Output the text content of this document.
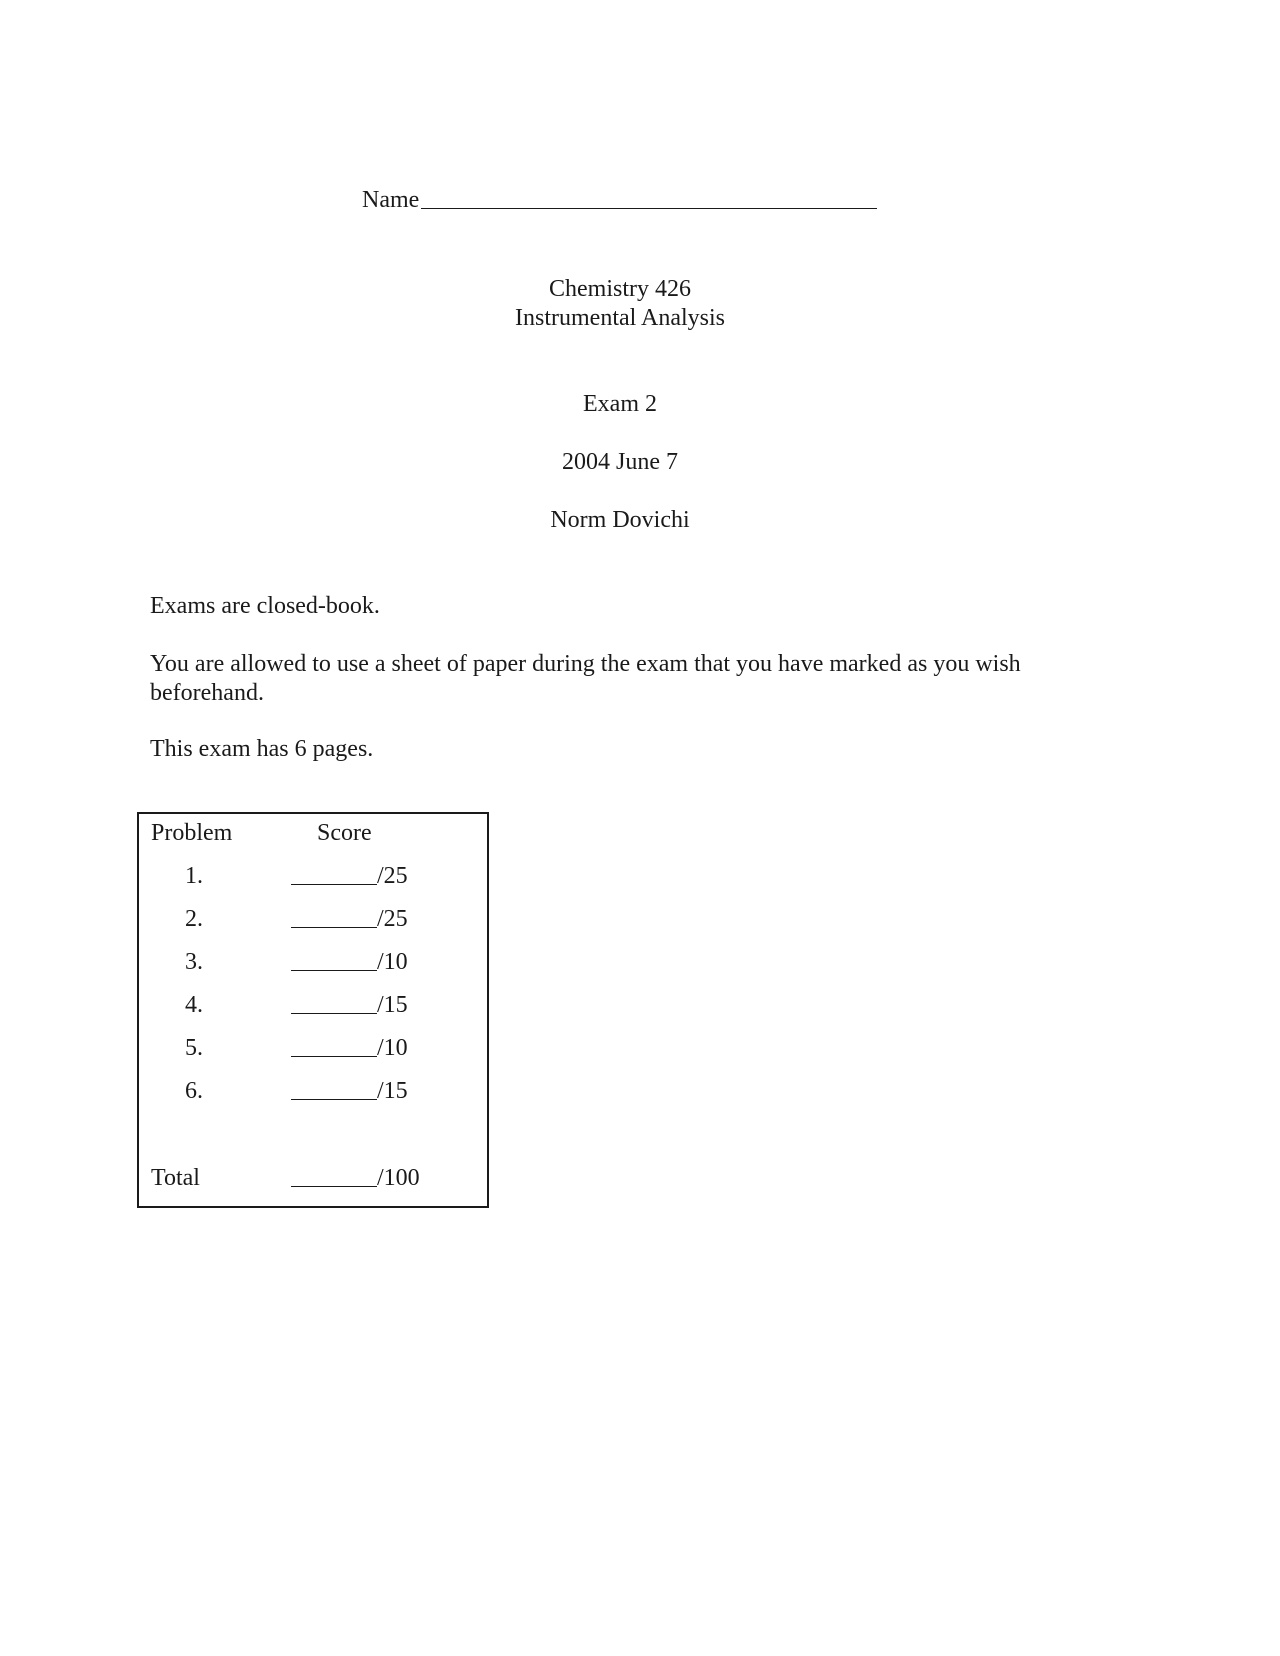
Name
Chemistry 426
Instrumental Analysis
Exam 2
2004 June 7
Norm Dovichi
Exams are closed-book.
You are allowed to use a sheet of paper during the exam that you have marked as you wish
beforehand.
This exam has 6 pages.
Problem	Score
1.	/25
2.	/25
3.	/10
4.	/15
5.	/10
6.	/15
Total	/100
